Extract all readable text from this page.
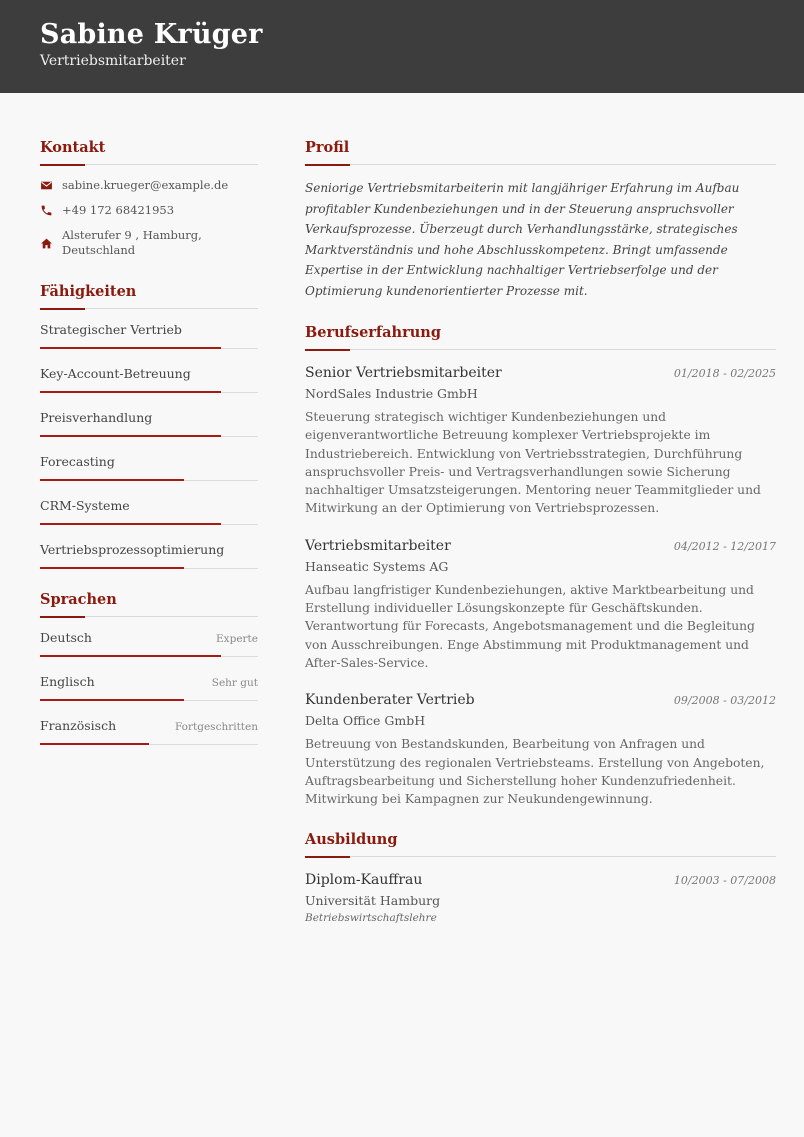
Sabine Krüger
Vertriebsmitarbeiter
Kontakt
sabine.krueger@example.de
+49 172 68421953
Alsterufer 9 , Hamburg, Deutschland
Fähigkeiten
Strategischer Vertrieb
Key-Account-Betreuung
Preisverhandlung
Forecasting
CRM-Systeme
Vertriebsprozessoptimierung
Sprachen
Deutsch	Experte
Englisch	Sehr gut
Französisch	Fortgeschritten
Profil
Seniorige Vertriebsmitarbeiterin mit langjähriger Erfahrung im Aufbau profitabler Kundenbeziehungen und in der Steuerung anspruchsvoller Verkaufsprozesse. Überzeugt durch Verhandlungsstärke, strategisches Marktverständnis und hohe Abschlusskompetenz. Bringt umfassende Expertise in der Entwicklung nachhaltiger Vertriebserfolge und der Optimierung kundenorientierter Prozesse mit.
Berufserfahrung
Senior Vertriebsmitarbeiter	01/2018 - 02/2025
NordSales Industrie GmbH
Steuerung strategisch wichtiger Kundenbeziehungen und eigenverantwortliche Betreuung komplexer Vertriebsprojekte im Industriebereich. Entwicklung von Vertriebsstrategien, Durchführung anspruchsvoller Preis- und Vertragsverhandlungen sowie Sicherung nachhaltiger Umsatzsteigerungen. Mentoring neuer Teammitglieder und Mitwirkung an der Optimierung von Vertriebsprozessen.
Vertriebsmitarbeiter	04/2012 - 12/2017
Hanseatic Systems AG
Aufbau langfristiger Kundenbeziehungen, aktive Marktbearbeitung und Erstellung individueller Lösungskonzepte für Geschäftskunden. Verantwortung für Forecasts, Angebotsmanagement und die Begleitung von Ausschreibungen. Enge Abstimmung mit Produktmanagement und After-Sales-Service.
Kundenberater Vertrieb	09/2008 - 03/2012
Delta Office GmbH
Betreuung von Bestandskunden, Bearbeitung von Anfragen und Unterstützung des regionalen Vertriebsteams. Erstellung von Angeboten, Auftragsbearbeitung und Sicherstellung hoher Kundenzufriedenheit. Mitwirkung bei Kampagnen zur Neukundengewinnung.
Ausbildung
Diplom-Kauffrau	10/2003 - 07/2008
Universität Hamburg
Betriebswirtschaftslehre
